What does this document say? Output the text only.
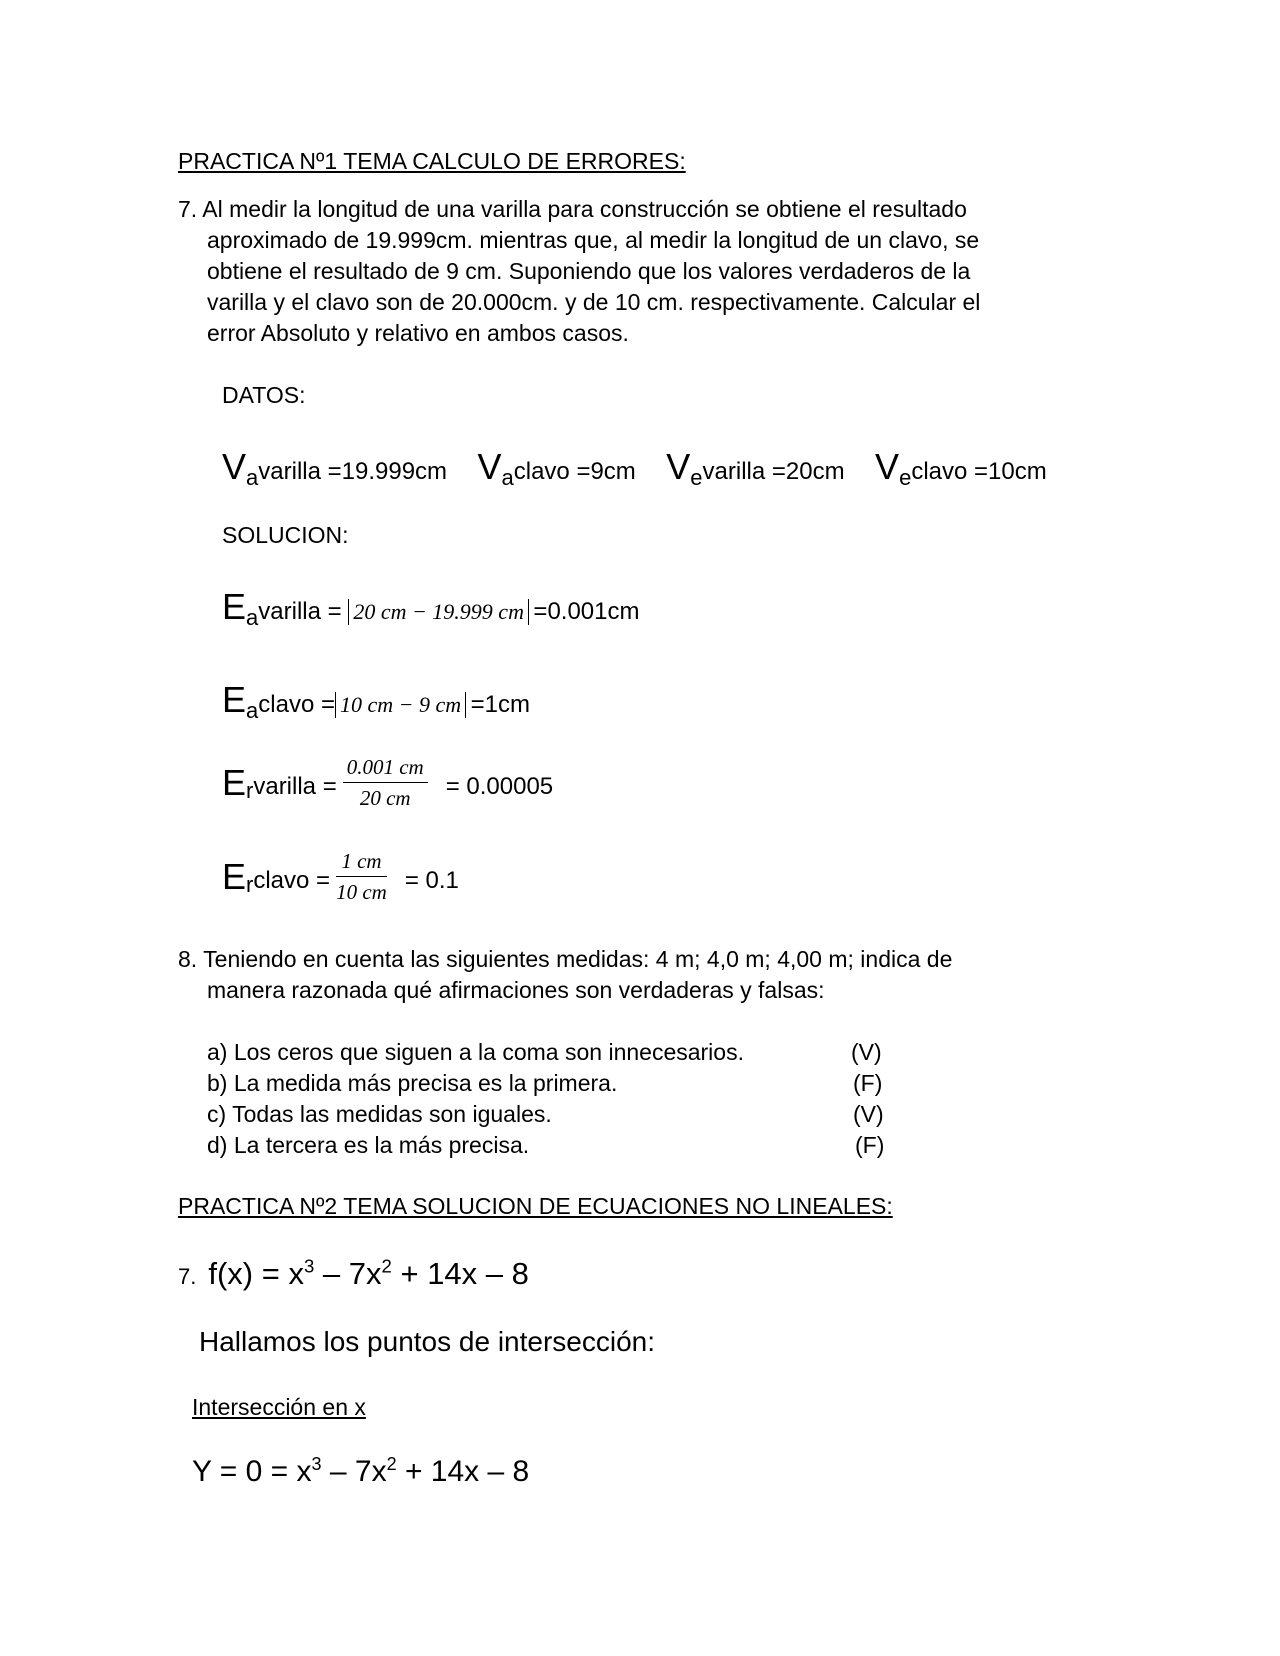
PRACTICA Nº1 TEMA CALCULO DE ERRORES:
7. Al medir la longitud de una varilla para construcción se obtiene el resultado
aproximado de 19.999cm. mientras que, al medir la longitud de un clavo, se
obtiene el resultado de 9 cm. Suponiendo que los valores verdaderos de la
varilla y el clavo son de 20.000cm. y de 10 cm. respectivamente. Calcular el
error Absoluto y relativo en ambos casos.
DATOS:
Vavarilla =19.999cm Vaclavo =9cm Vevarilla =20cm Veclavo =10cm
SOLUCION:
Eavarilla = 20 cm − 19.999 cm =0.001cm
Eaclavo = 10 cm − 9 cm =1cm
E r varilla = $\frac{0.001 cm}{20 cm} = 0.00005$
E r clavo = $\frac{1 cm}{10 cm} = 0.1$
8. Teniendo en cuenta las siguientes medidas: 4 m; 4,0 m; 4,00 m; indica de
manera razonada qué afirmaciones son verdaderas y falsas:
a) Los ceros que siguen a la coma son innecesarios.	(V)
b) La medida más precisa es la primera.	(F)
c) Todas las medidas son iguales.	(V)
d) La tercera es la más precisa.	(F)
PRACTICA Nº2 TEMA SOLUCION DE ECUACIONES NO LINEALES:
7. $f(x) = x^3 - 7x^2 + 14x - 8$
Hallamos los puntos de intersección:
Intersección en x
$Y = 0 = x^3 - 7x^2 + 14x - 8$
